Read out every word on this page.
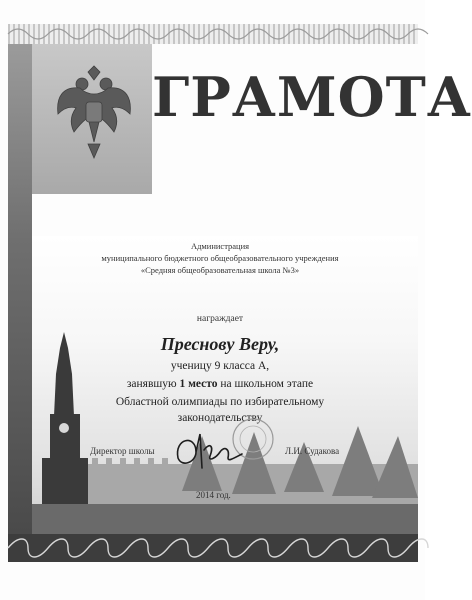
ГРАМОТА
Администрация
муниципального бюджетного общеобразовательного учреждения
«Средняя общеобразовательная школа №3»
награждает
Преснову Веру,
ученицу 9 класса А,
занявшую 1 место на школьном этапе
Областной олимпиады по избирательному
законодательству
Директор школы	Л.И. Судакова
2014 год.
